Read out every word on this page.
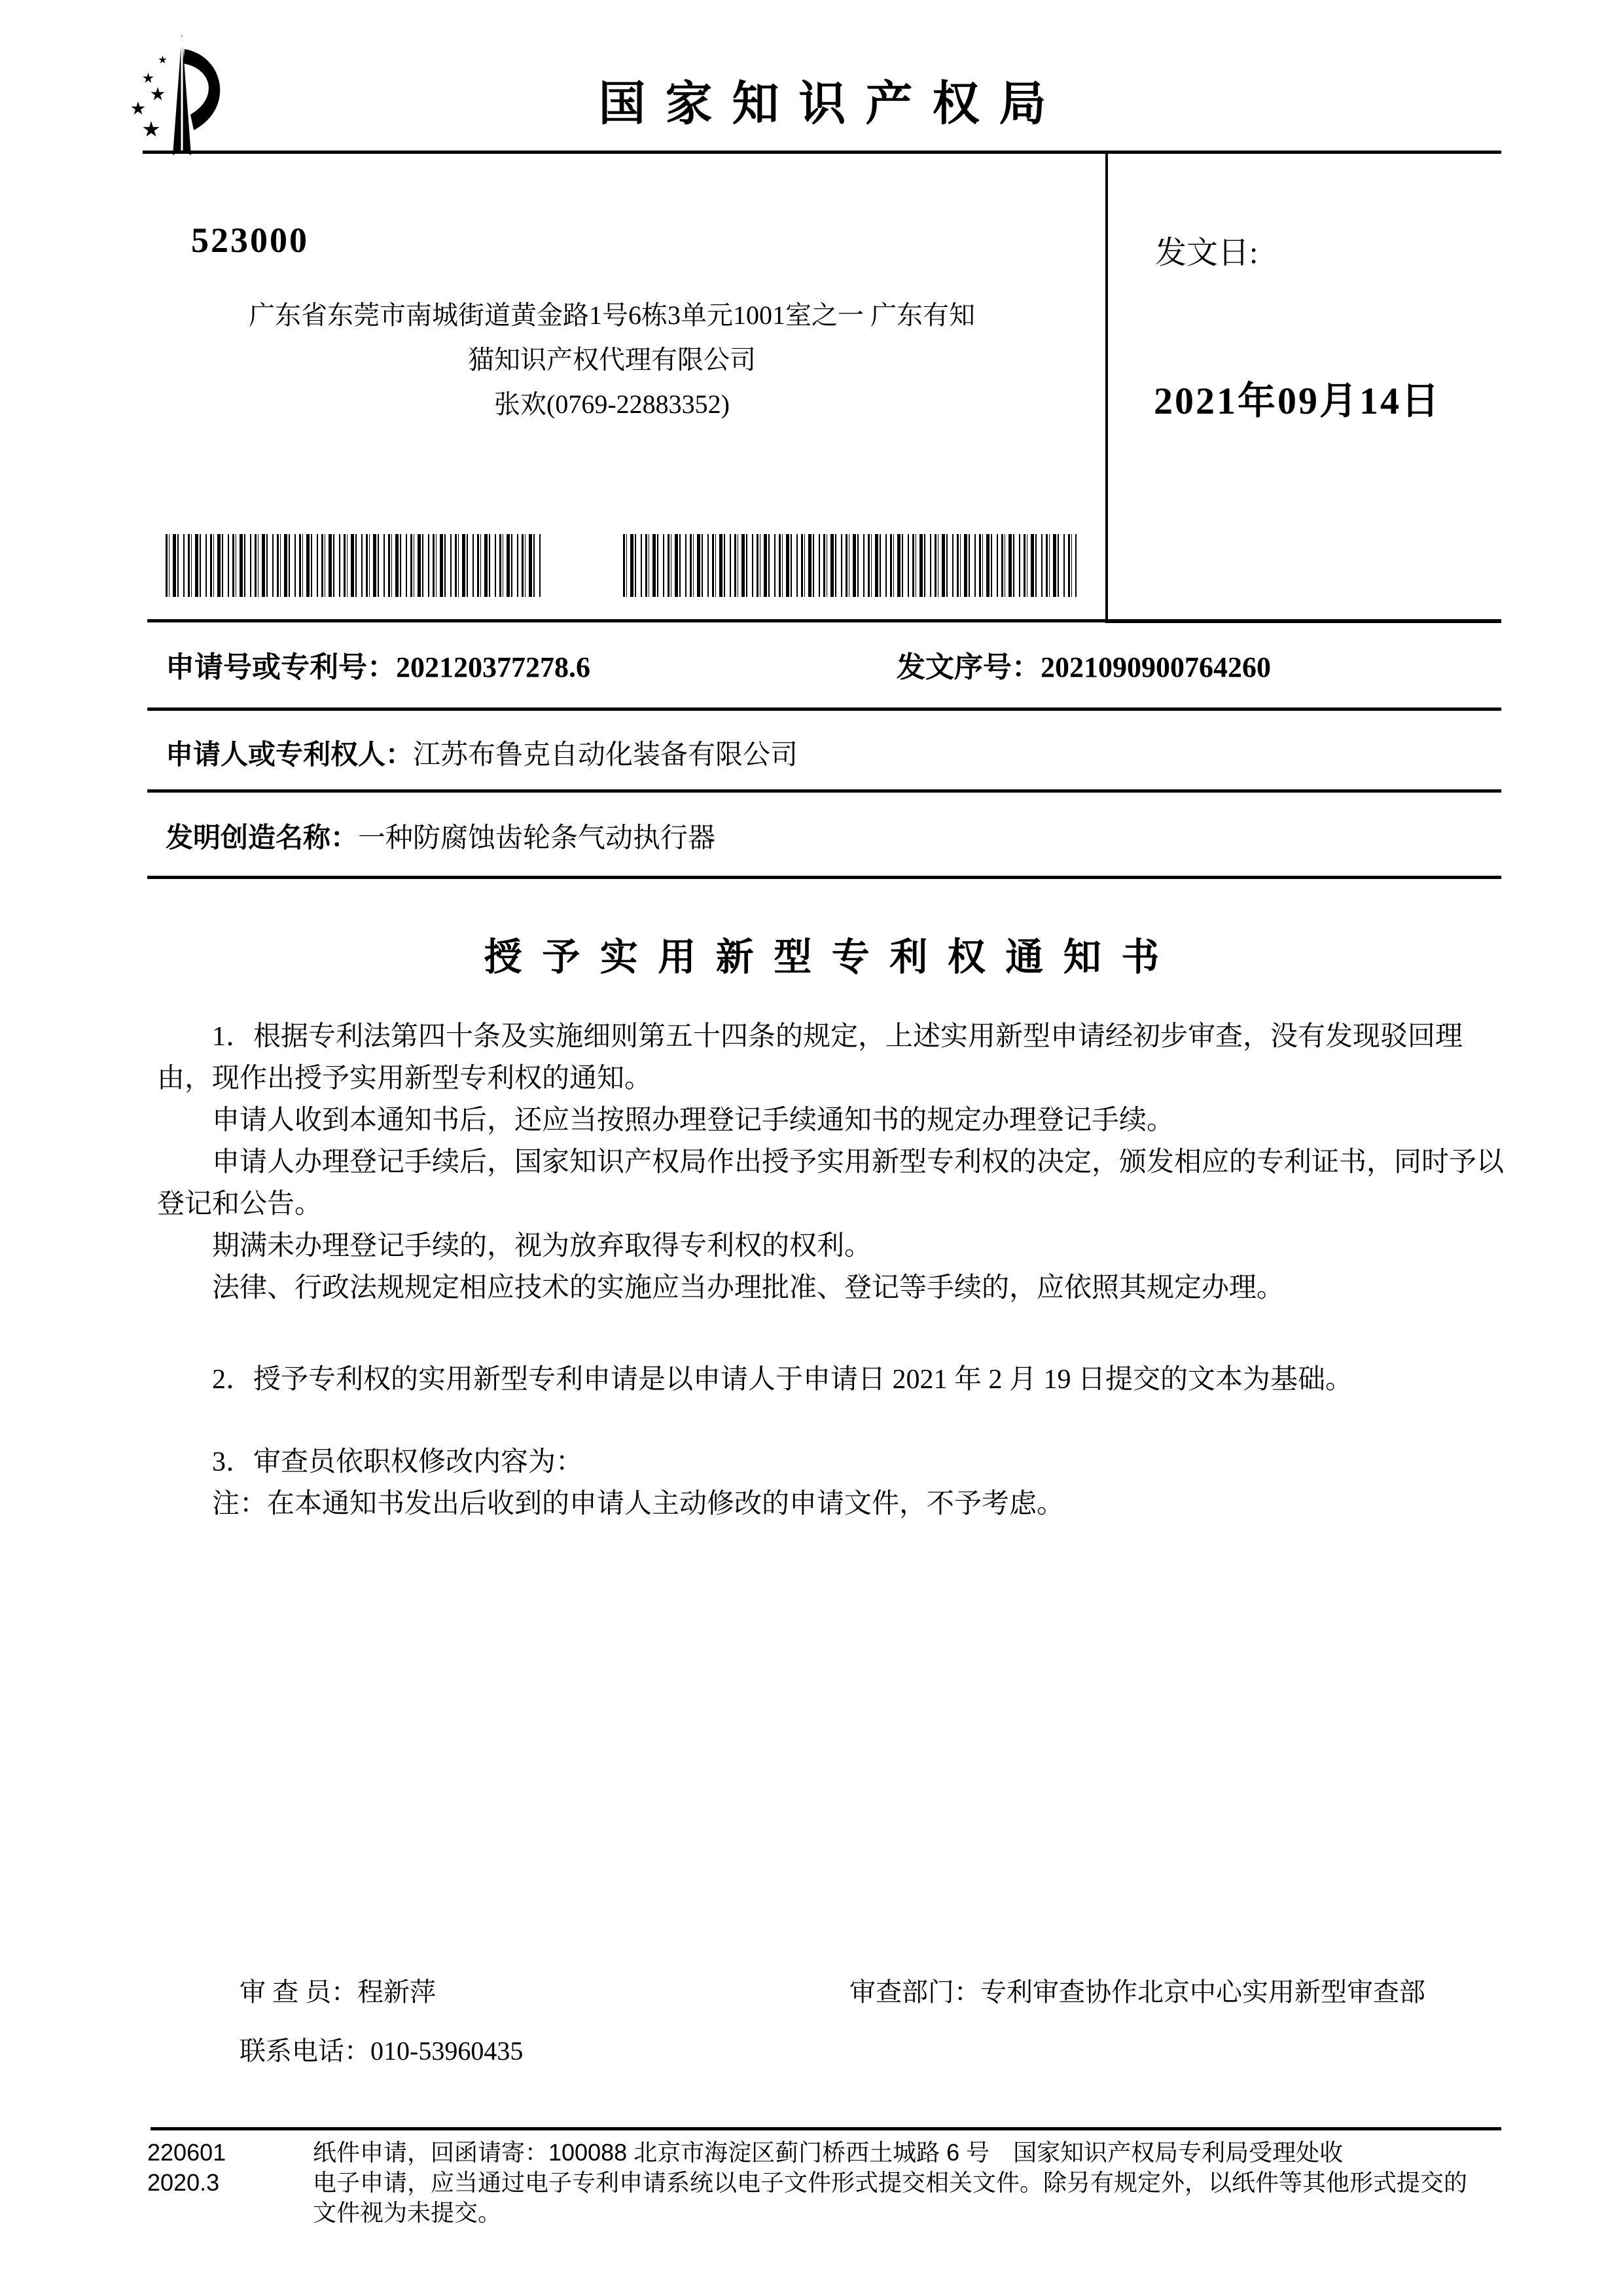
国 家 知 识 产 权 局
发文日:
2021年09月14日
523000
广东省东莞市南城街道黄金路1号6栋3单元1001室之一 广东有知
猫知识产权代理有限公司
张欢(0769-22883352)
申请号或专利号：202120377278.6	发文序号：2021090900764260
申请人或专利权人：江苏布鲁克自动化装备有限公司
发明创造名称：一种防腐蚀齿轮条气动执行器
授 予 实 用 新 型 专 利 权 通 知 书

1．根据专利法第四十条及实施细则第五十四条的规定，上述实用新型申请经初步审查，没有发现驳回理由，现作出授予实用新型专利权的通知。

申请人收到本通知书后，还应当按照办理登记手续通知书的规定办理登记手续。

申请人办理登记手续后，国家知识产权局作出授予实用新型专利权的决定，颁发相应的专利证书，同时予以登记和公告。

期满未办理登记手续的，视为放弃取得专利权的权利。

法律、行政法规规定相应技术的实施应当办理批准、登记等手续的，应依照其规定办理。

2．授予专利权的实用新型专利申请是以申请人于申请日 2021 年 2 月 19 日提交的文本为基础。

3．审查员依职权修改内容为：

注：在本通知书发出后收到的申请人主动修改的申请文件，不予考虑。

审 查 员：程新萍	审查部门：专利审查协作北京中心实用新型审查部
联系电话：010-53960435
220601
2020.3
纸件申请，回函请寄：100088 北京市海淀区蓟门桥西土城路 6 号　国家知识产权局专利局受理处收
电子申请，应当通过电子专利申请系统以电子文件形式提交相关文件。除另有规定外，以纸件等其他形式提交的
文件视为未提交。
